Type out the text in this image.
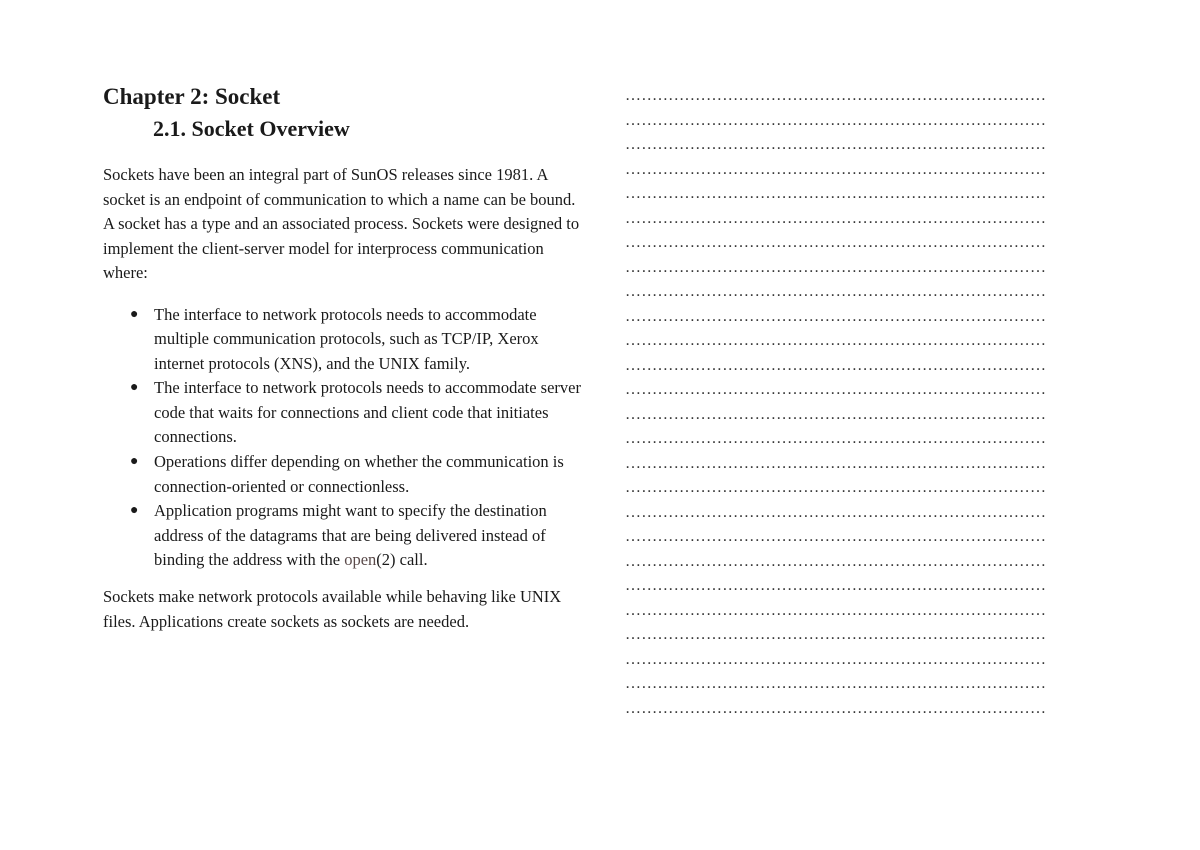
Chapter 2: Socket
2.1. Socket Overview

Sockets have been an integral part of SunOS releases since 1981. A socket is an endpoint of communication to which a name can be bound. A socket has a type and an associated process. Sockets were designed to implement the client-server model for interprocess communication where:

● The interface to network protocols needs to accommodate multiple communication protocols, such as TCP/IP, Xerox internet protocols (XNS), and the UNIX family.
● The interface to network protocols needs to accommodate server code that waits for connections and client code that initiates connections.
● Operations differ depending on whether the communication is connection-oriented or connectionless.
● Application programs might want to specify the destination address of the datagrams that are being delivered instead of binding the address with the open(2) call.

Sockets make network protocols available while behaving like UNIX files. Applications create sockets as sockets are needed.

……………………………………………………………………
……………………………………………………………………
……………………………………………………………………
……………………………………………………………………
……………………………………………………………………
……………………………………………………………………
……………………………………………………………………
……………………………………………………………………
……………………………………………………………………
……………………………………………………………………
……………………………………………………………………
……………………………………………………………………
……………………………………………………………………
……………………………………………………………………
……………………………………………………………………
……………………………………………………………………
……………………………………………………………………
……………………………………………………………………
……………………………………………………………………
……………………………………………………………………
……………………………………………………………………
……………………………………………………………………
……………………………………………………………………
……………………………………………………………………
……………………………………………………………………
……………………………………………………………………
